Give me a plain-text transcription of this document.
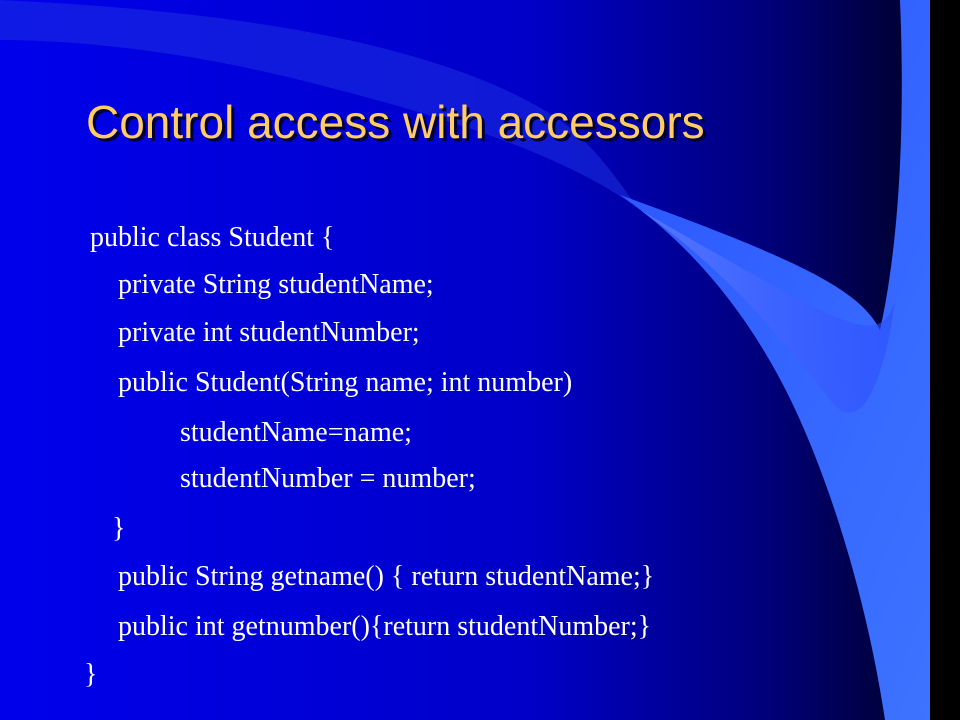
Control access with accessors
public class Student {
private String studentName;
private int studentNumber;
public Student(String name; int number)
studentName=name;
studentNumber = number;
}
public String getname() { return studentName;}
public int getnumber(){return studentNumber;}
}
